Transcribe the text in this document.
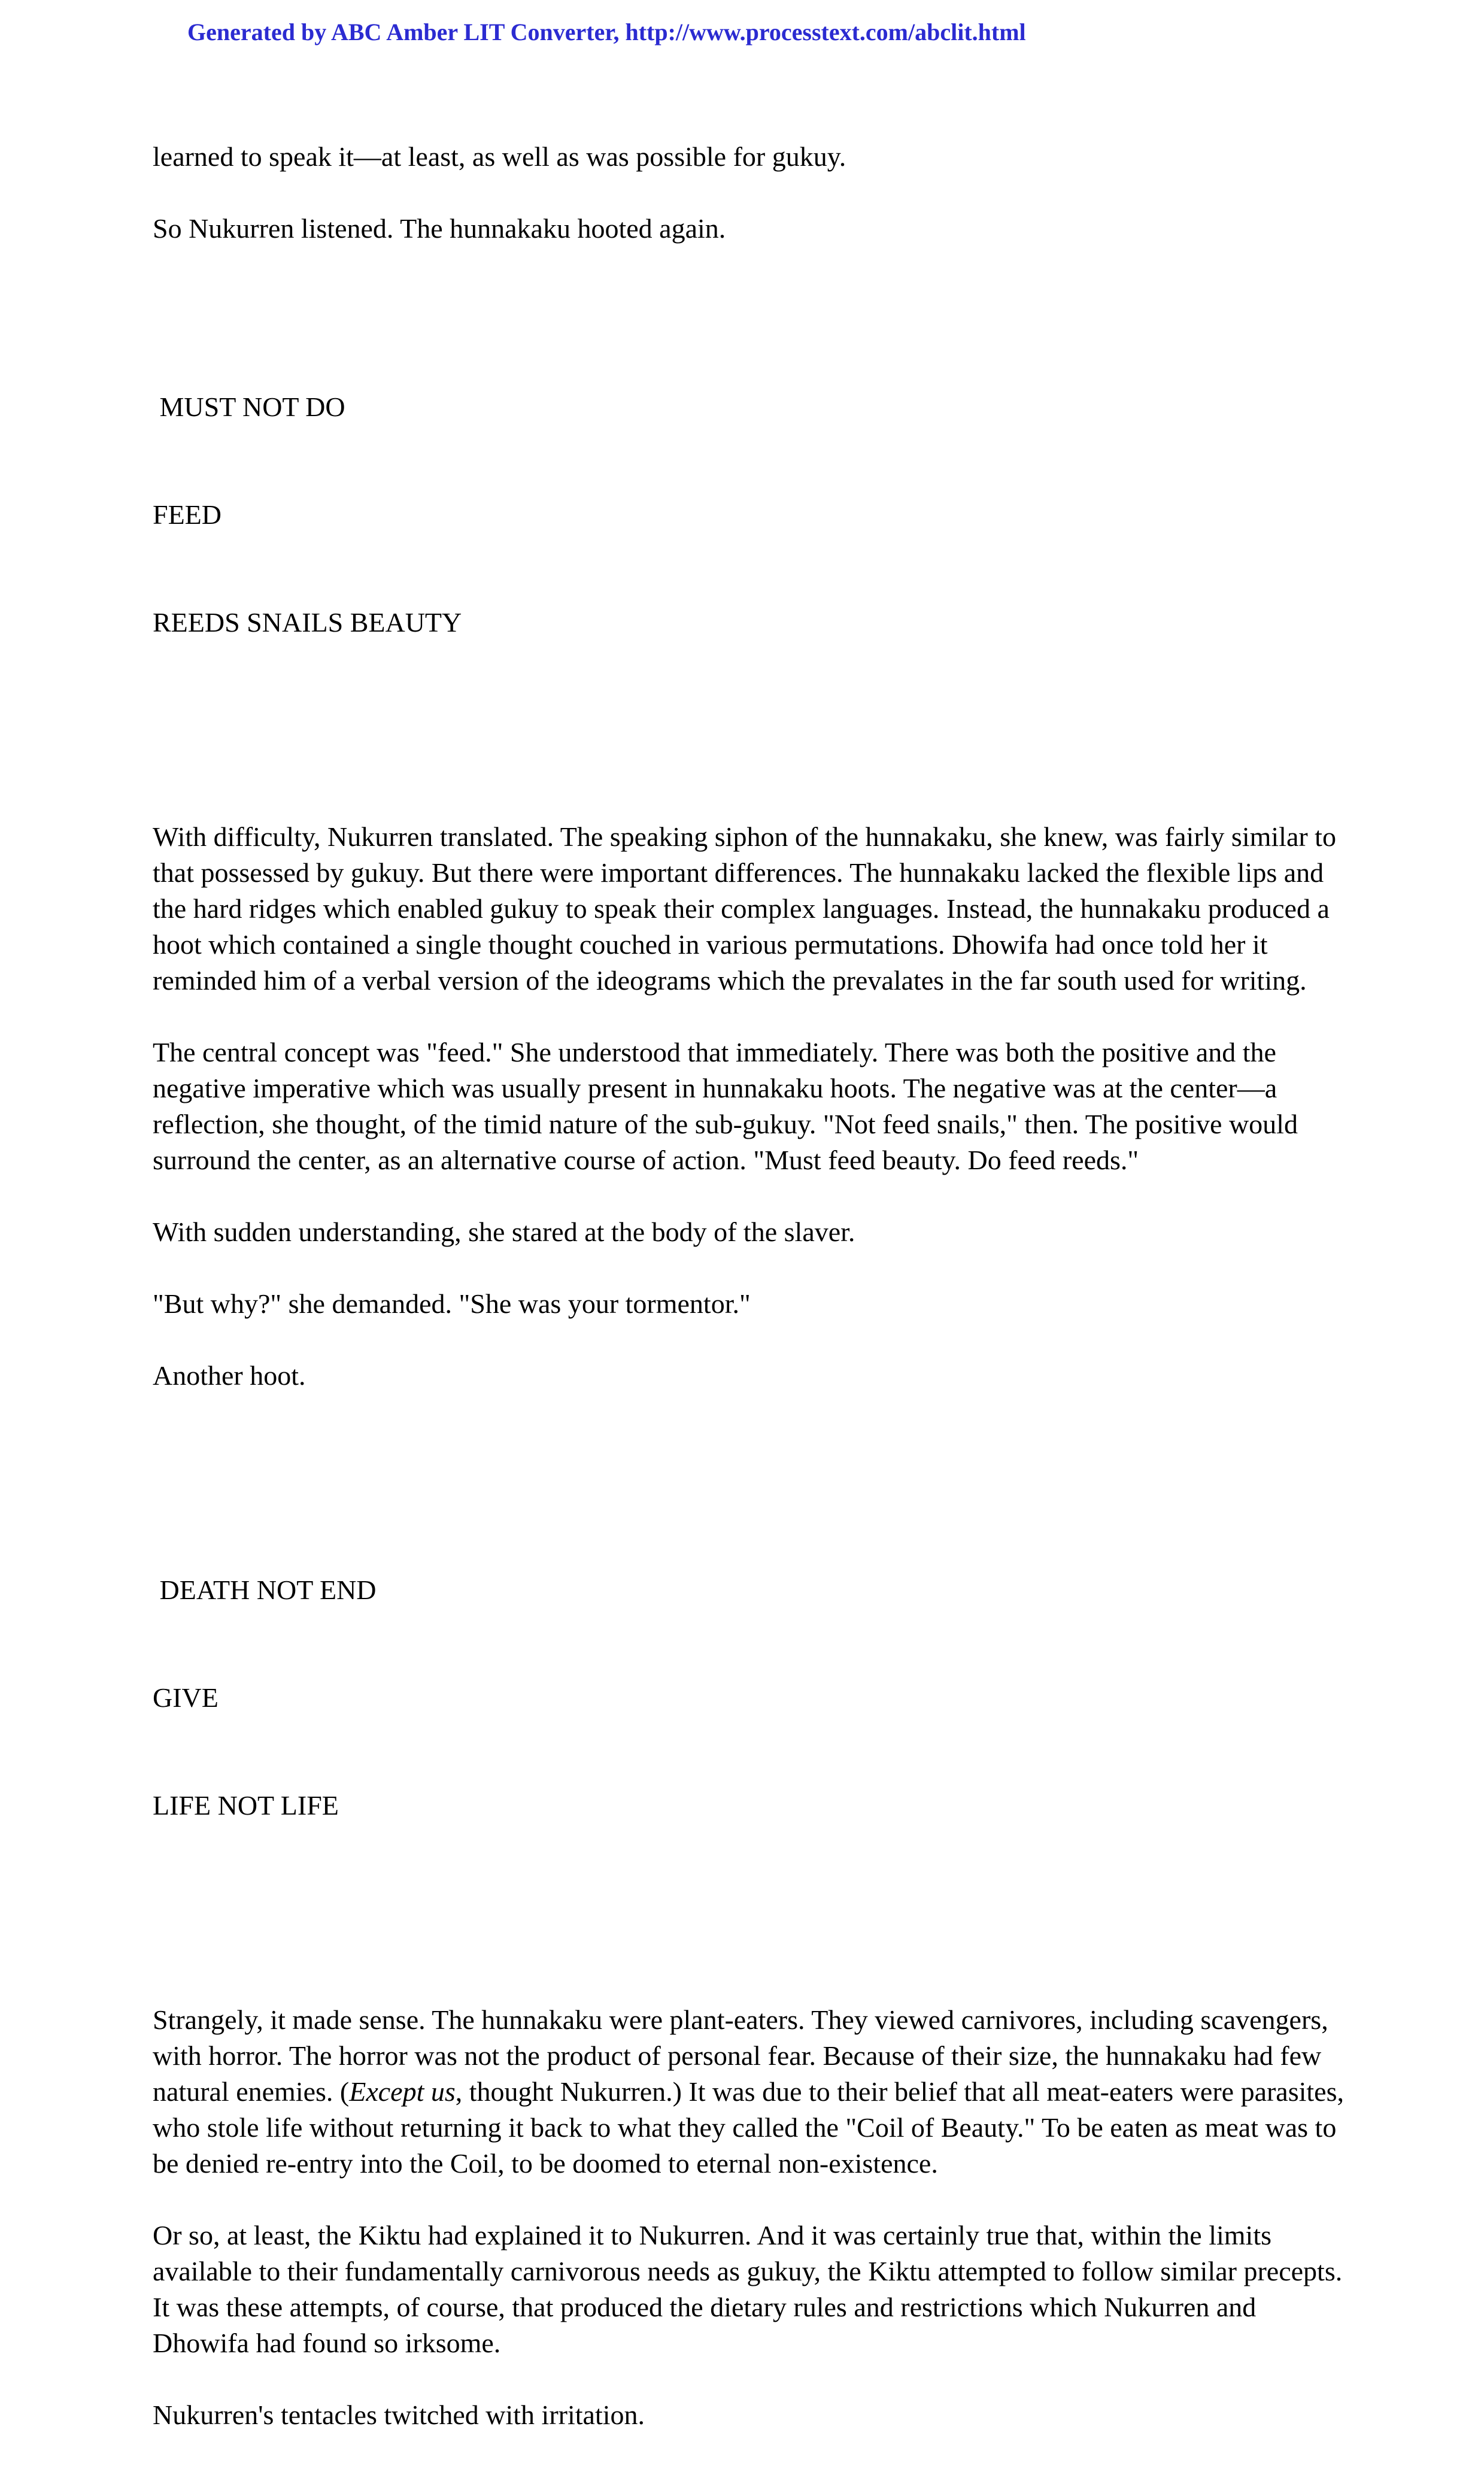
Generated by ABC Amber LIT Converter, http://www.processtext.com/abclit.html

learned to speak it—at least, as well as was possible for gukuy.

So Nukurren listened. The hunnakaku hooted again.

MUST NOT DO

FEED

REEDS SNAILS BEAUTY

With difficulty, Nukurren translated. The speaking siphon of the hunnakaku, she knew, was fairly similar to that possessed by gukuy. But there were important differences. The hunnakaku lacked the flexible lips and the hard ridges which enabled gukuy to speak their complex languages. Instead, the hunnakaku produced a hoot which contained a single thought couched in various permutations. Dhowifa had once told her it reminded him of a verbal version of the ideograms which the prevalates in the far south used for writing.

The central concept was "feed." She understood that immediately. There was both the positive and the negative imperative which was usually present in hunnakaku hoots. The negative was at the center—a reflection, she thought, of the timid nature of the sub-gukuy. "Not feed snails," then. The positive would surround the center, as an alternative course of action. "Must feed beauty. Do feed reeds."

With sudden understanding, she stared at the body of the slaver.

"But why?" she demanded. "She was your tormentor."

Another hoot.

DEATH NOT END

GIVE

LIFE NOT LIFE

Strangely, it made sense. The hunnakaku were plant-eaters. They viewed carnivores, including scavengers, with horror. The horror was not the product of personal fear. Because of their size, the hunnakaku had few natural enemies. (Except us, thought Nukurren.) It was due to their belief that all meat-eaters were parasites, who stole life without returning it back to what they called the "Coil of Beauty." To be eaten as meat was to be denied re-entry into the Coil, to be doomed to eternal non-existence.

Or so, at least, the Kiktu had explained it to Nukurren. And it was certainly true that, within the limits available to their fundamentally carnivorous needs as gukuy, the Kiktu attempted to follow similar precepts. It was these attempts, of course, that produced the dietary rules and restrictions which Nukurren and Dhowifa had found so irksome.

Nukurren's tentacles twitched with irritation.
